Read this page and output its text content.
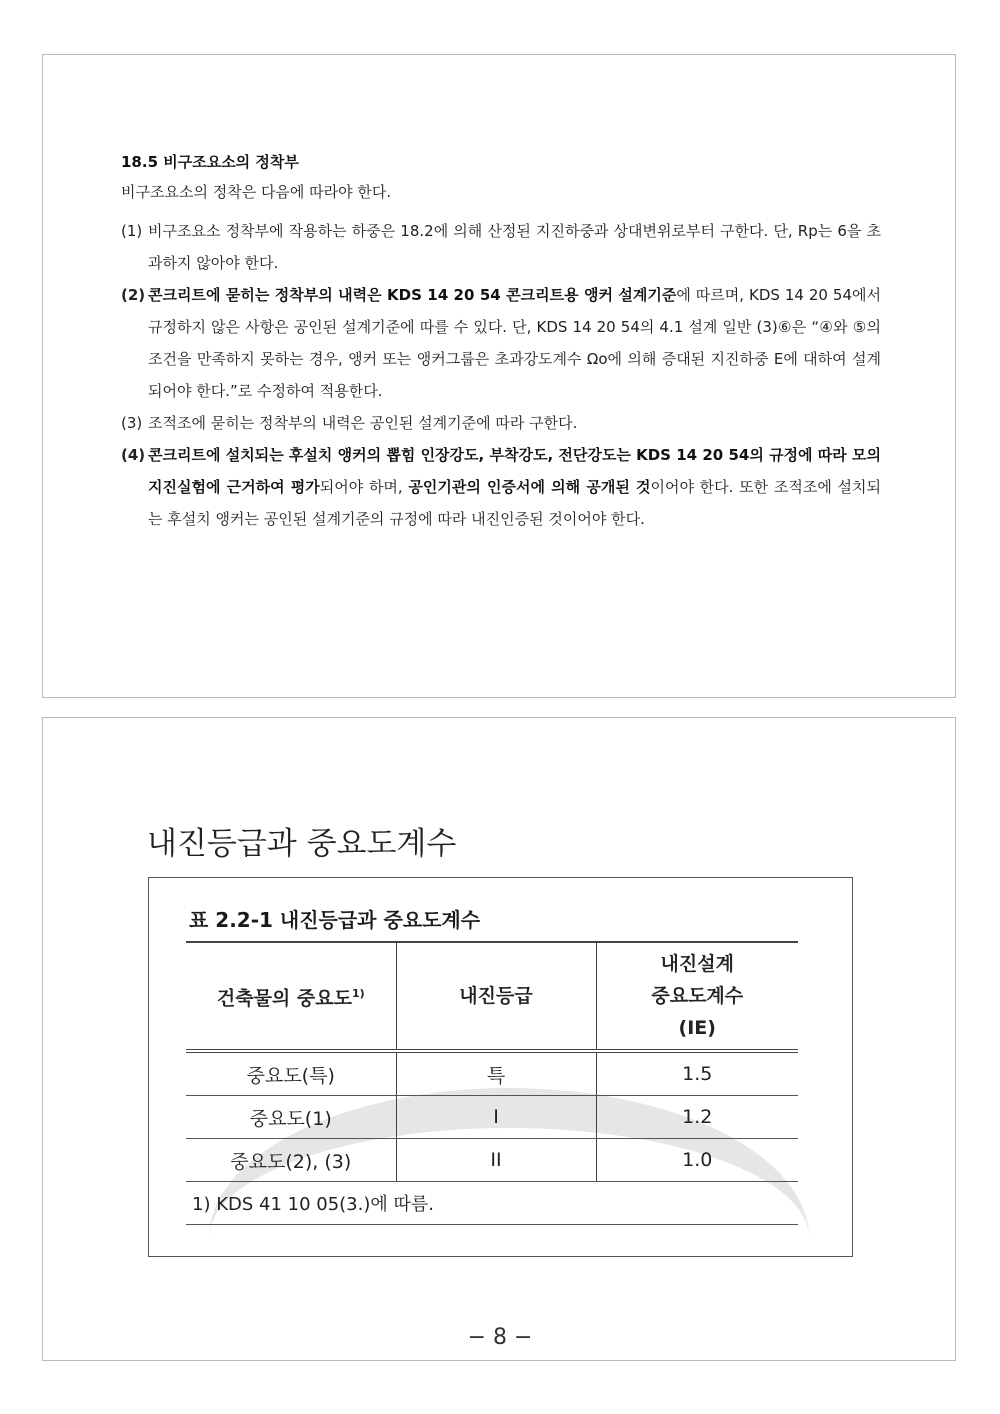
18.5 비구조요소의 정착부
비구조요소의 정착은 다음에 따라야 한다.
(1) 비구조요소 정착부에 작용하는 하중은 18.2에 의해 산정된 지진하중과 상대변위로부터 구한다. 단, Rp는 6을 초과하지 않아야 한다.
(2) 콘크리트에 묻히는 정착부의 내력은 KDS 14 20 54 콘크리트용 앵커 설계기준에 따르며, KDS 14 20 54에서 규정하지 않은 사항은 공인된 설계기준에 따를 수 있다. 단, KDS 14 20 54의 4.1 설계 일반 (3)⑥은 “④와 ⑤의 조건을 만족하지 못하는 경우, 앵커 또는 앵커그룹은 초과강도계수 Ωo에 의해 증대된 지진하중 E에 대하여 설계되어야 한다.”로 수정하여 적용한다.
(3) 조적조에 묻히는 정착부의 내력은 공인된 설계기준에 따라 구한다.
(4) 콘크리트에 설치되는 후설치 앵커의 뽑힘 인장강도, 부착강도, 전단강도는 KDS 14 20 54의 규정에 따라 모의지진실험에 근거하여 평가되어야 하며, 공인기관의 인증서에 의해 공개된 것이어야 한다. 또한 조적조에 설치되는 후설치 앵커는 공인된 설계기준의 규정에 따라 내진인증된 것이어야 한다.
내진등급과 중요도계수
표 2.2-1 내진등급과 중요도계수
건축물의 중요도$^{1)}$	내진등급	내진설계
중요도계수
(IE)

중요도(특)	특	1.5
중요도(1)	I	1.2
중요도(2), (3)	II	1.0
1) KDS 41 10 05(3.)에 따름.		
− 8 −
